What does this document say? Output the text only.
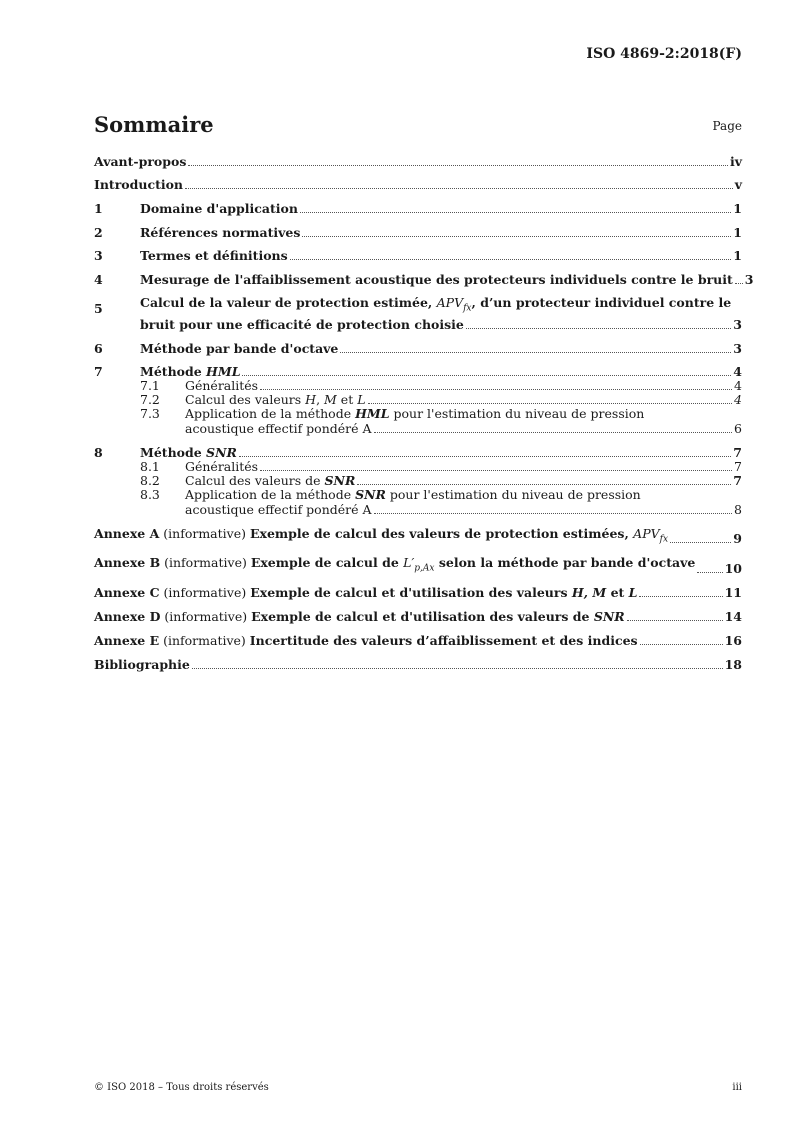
ISO 4869-2:2018(F)
Sommaire	Page
Avant-propos	iv
Introduction	v
1	Domaine d'application	1
2	Références normatives	1
3	Termes et définitions	1
4	Mesurage de l'affaiblissement acoustique des protecteurs individuels contre le bruit 3
5	Calcul de la valeur de protection estimée, $APV_{fx}$, d’un protecteur individuel contre le
bruit pour une efficacité de protection choisie	3
6	Méthode par bande d'octave	3
7	Méthode HML	4
7.1	Généralités	4
7.2	Calcul des valeurs H, M et L	4
7.3	Application de la méthode HML pour l'estimation du niveau de pression
acoustique effectif pondéré A	6
8	Méthode SNR	7
8.1	Généralités	7
8.2	Calcul des valeurs de SNR	7
8.3	Application de la méthode SNR pour l'estimation du niveau de pression
acoustique effectif pondéré A	8
Annexe A (informative) Exemple de calcul des valeurs de protection estimées, $APV_{fx}$	9
Annexe B (informative) Exemple de calcul de $L'_{p,Ax}$ selon la méthode par bande d'octave 10
Annexe C (informative) Exemple de calcul et d'utilisation des valeurs H, M et L	11
Annexe D (informative) Exemple de calcul et d'utilisation des valeurs de SNR	14
Annexe E (informative) Incertitude des valeurs d’affaiblissement et des indices	16
Bibliographie	18
© ISO 2018 – Tous droits réservés	iii
